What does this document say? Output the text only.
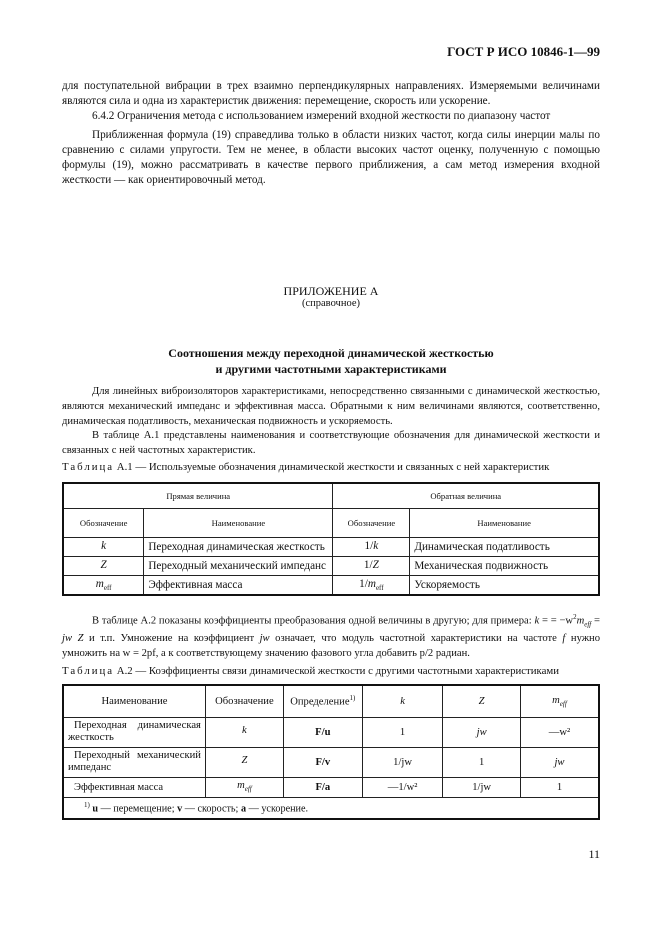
ГОСТ Р ИСО 10846-1—99
для поступательной вибрации в трех взаимно перпендикулярных направлениях. Измеряемыми величинами являются сила и одна из характеристик движения: перемещение, скорость или ускорение.
6.4.2 Ограничения метода с использованием измерений входной жесткости по диапазону частот
Приближенная формула (19) справедлива только в области низких частот, когда силы инерции малы по сравнению с силами упругости. Тем не менее, в области высоких частот оценку, полученную с помощью формулы (19), можно рассматривать в качестве первого приближения, а сам метод измерения входной жесткости — как ориентировочный метод.
ПРИЛОЖЕНИЕ А
(справочное)
Соотношения между переходной динамической жесткостью
и другими частотными характеристиками
Для линейных виброизоляторов характеристиками, непосредственно связанными с динамической жесткостью, являются механический импеданс и эффективная масса. Обратными к ним величинами являются, соответственно, динамическая податливость, механическая подвижность и ускоряемость.
В таблице А.1 представлены наименования и соответствующие обозначения для динамической жесткости и связанных с ней частотных характеристик.
Таблица А.1 — Используемые обозначения динамической жесткости и связанных с ней характеристик
Прямая величина		Обратная величина	
Обозначение	Наименование	Обозначение	Наименование
k	Переходная динамическая жесткость	1/k	Динамическая податливость
Z	Переходный механический импеданс	1/Z	Механическая подвижность
$m_{eff}$	Эффективная масса	$1/m_{eff}$	Ускоряемость
В таблице А.2 показаны коэффициенты преобразования одной величины в другую; для примера: k = = $-w^2m_{eff}$ = jw Z и т.п. Умножение на коэффициент jw означает, что модуль частотной характеристики на частоте f нужно умножить на w = 2pf, а к соответствующему значению фазового угла добавить p/2 радиан.
Таблица А.2 — Коэффициенты связи динамической жесткости с другими частотными характеристиками
Наименование	Обозначение	Определение$^{1)}$	k	Z	$m_{eff}$
Переходная динамическая жесткость	k	F/u	1	jw	—w²
Переходный механический импеданс	Z	F/v	1/jw	1	jw
Эффективная масса	$m_{eff}$	F/a	—1/w²	1/jw	1
$^{1)}$ u — перемещение; v — скорость; a — ускорение.					
11
